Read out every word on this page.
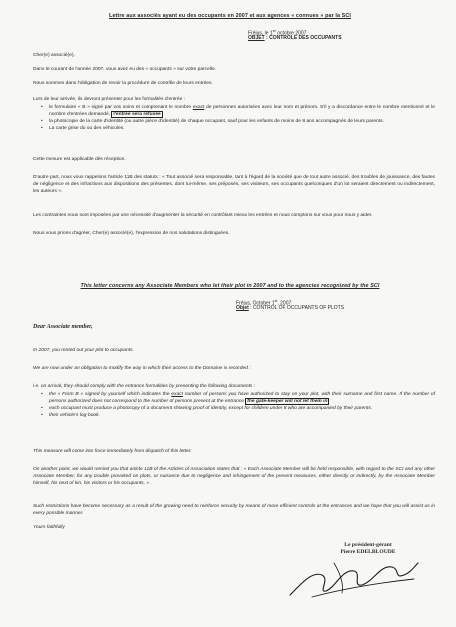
Lettre aux associés ayant eu des occupants en 2007 et aux agences « connues » par la SCI
Fréjus, le 1er octobre 2007
OBJET : CONTROLE DES OCCUPANTS

Cher(e) associé(e),

Dans le courant de l'année 2007, vous avez eu des « occupants » sur votre parcelle.

Nous sommes dans l'obligation de revoir la procédure de contrôle de leurs entrées.

Lors de leur arrivée, ils devront présenter pour les formalités d'entrée :

• le formulaire « B » signé par vos soins et comprenant le nombre exact de personnes autorisées avec leur nom et prénom. S'il y a discordance entre le nombre mentionné et le nombre d'entrées demandé, l'entrée sera refusée
• la photocopie de la carte d'identité (ou autre pièce d'identité) de chaque occupant, sauf pour les enfants de moins de 8 ans accompagnés de leurs parents.
• La carte grise du ou des véhicules.

Cette mesure est applicable dès réception.

D'autre part, nous vous rappelons l'article 11B des statuts : « Tout associé sera responsable, tant à l'égard de la société que de tout autre associé, des troubles de jouissance, des fautes de négligence et des infractions aux dispositions des présentes, dont lui-même, ses préposés, ses visiteurs, ses occupants quelconques d'un lot seraient directement ou indirectement, les auteurs ».

Les contraintes nous sont imposées par une nécessité d'augmenter la sécurité en contrôlant mieux les entrées et nous comptons sur vous pour nous y aider.

Nous vous prions d'agréer, Cher(e) associé(e), l'expression de nos salutations distinguées.

This letter concerns any Associate Members who let their plot in 2007 and to the agencies recognized by the SCI
Fréjus, October 1st, 2007
Objet : CONTROL OF OCCUPANTS OF PLOTS
Dear Associate member,

In 2007, you rented out your plot to occupants.

We are now under an obligation to modify the way in which their access to the Domaine is recorded :

i.e. on arrival, they should comply with the entrance formalities by presenting the following documents :

• the « Form B » signed by yourself which indicates the exact number of persons you have authorized to stay on your plot, with their surname and first name. If the number of persons authorized does not correspond to the number of persons present at the entrance the gate-keeper will not let them in
• each occupant must produce a photocopy of a document showing proof of identity, except for children under 8 who are accompanied by their parents.
• their vehicle's log-book.

This measure will come into force immediately from dispatch of this letter.

On another point, we would remind you that article 11B of the Articles of Association states that : « Each Associate Member will be held responsible, with regard to the SCI and any other Associate Member, for any trouble provoked on plots, or nuisance due to negligence and infringement of the present measures, either directly or indirectly, by the Associate Member himself, his next of kin, his visitors or his occupants, » .

Such restrictions have become necessary as a result of the growing need to reinforce security by means of more efficient controls at the entrances and we hope that you will assist us in every possible manner.

Yours faithfully

Le président-gérant
Pierre EDELBLOUDE
